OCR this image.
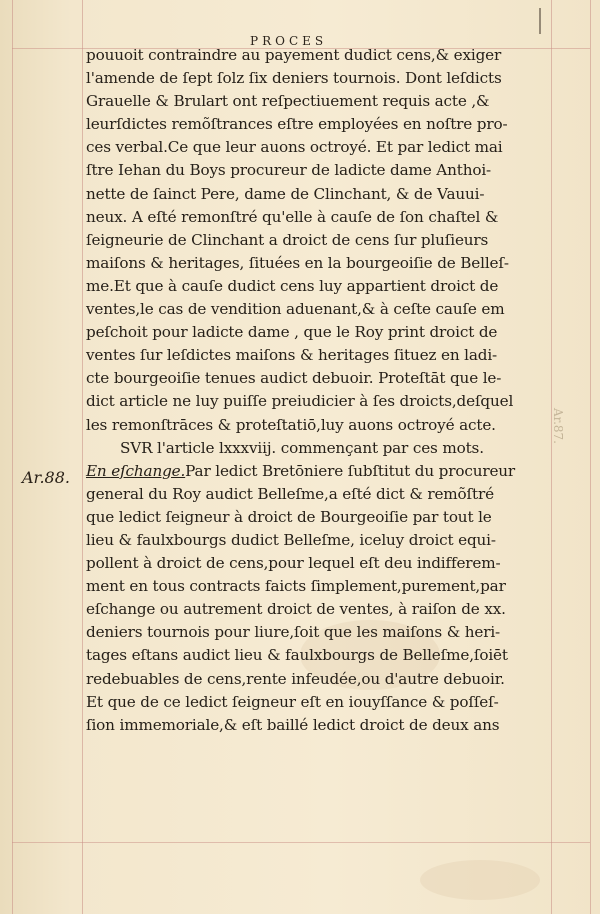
PROCES
Ar.88.
Ar.87.
pouuoit contraindre au payement dudict cens,& exiger
l'amende de ſept ſolz ſix deniers tournois. Dont leſdicts
Grauelle & Brulart ont reſpectiuement requis acte ,&
leurſdictes remõſtrances eſtre employées en noſtre pro-
ces verbal.Ce que leur auons octroyé. Et par ledict mai
ſtre Iehan du Boys procureur de ladicte dame Anthoi-
nette de ſainct Pere, dame de Clinchant, & de Vauui-
neux. A eſté remonſtré qu'elle à cauſe de ſon chaſtel &
ſeigneurie de Clinchant a droict de cens ſur pluſieurs
maiſons & heritages, ſituées en la bourgeoiſie de Belleſ-
me.Et que à cauſe dudict cens luy appartient droict de
ventes,le cas de vendition aduenant,& à ceſte cauſe em
peſchoit pour ladicte dame , que le Roy print droict de
ventes ſur leſdictes maiſons & heritages ſituez en ladi-
cte bourgeoiſie tenues audict debuoir. Proteſtāt que le-
dict article ne luy puiſſe preiudicier à ſes droicts,deſquel
les remonſtrāces & proteſtatiō,luy auons octroyé acte.
SVR l'article lxxxviij. commençant par ces mots.
En eſchange.Par ledict Bretōniere ſubſtitut du procureur
general du Roy audict Belleſme,a eſté dict & remõſtré
que ledict ſeigneur à droict de Bourgeoiſie par tout le
lieu & faulxbourgs dudict Belleſme, iceluy droict equi-
pollent à droict de cens,pour lequel eſt deu indifferem-
ment en tous contracts faicts ſimplement,purement,par
eſchange ou autrement droict de ventes, à raiſon de xx.
deniers tournois pour liure,ſoit que les maiſons & heri-
tages eſtans audict lieu & faulxbourgs de Belleſme,ſoiēt
redebuables de cens,rente infeudée,ou d'autre debuoir.
Et que de ce ledict ſeigneur eſt en iouyſſance & poſſeſ-
ſion immemoriale,& eſt baillé ledict droict de deux ans
